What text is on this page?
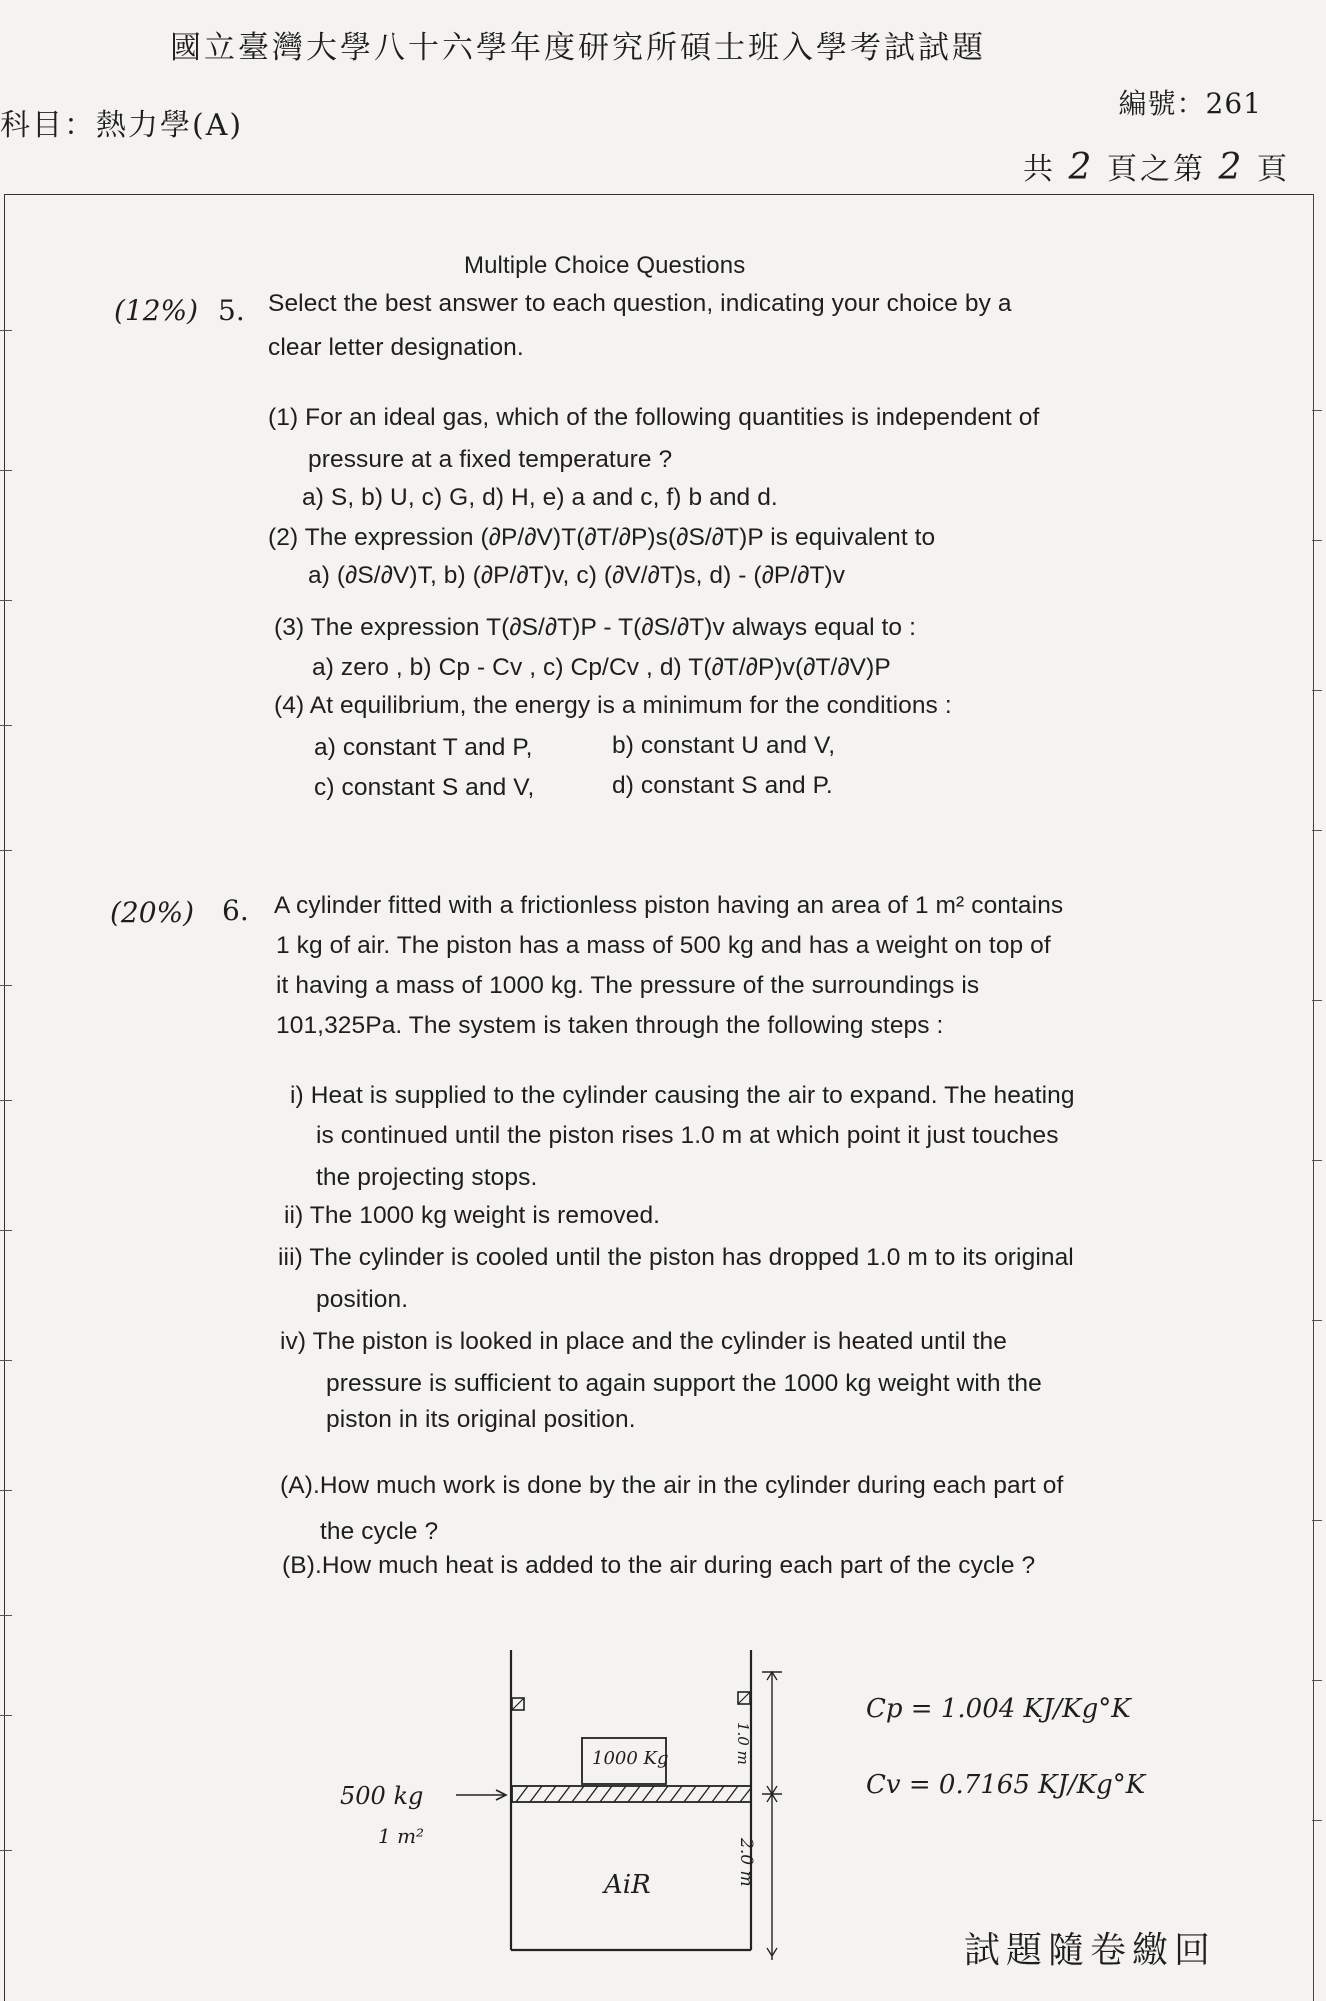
國立臺灣大學八十六學年度研究所碩士班入學考試試題
科目：熱力學(A)
編號：261
共 2 頁之第 2 頁
Multiple Choice Questions
(12%) 5. Select the best answer to each question, indicating your choice by a
clear letter designation.
(1) For an ideal gas, which of the following quantities is independent of
pressure at a fixed temperature ?
a) S, b) U, c) G, d) H, e) a and c, f) b and d.
(2) The expression (∂P/∂V)T(∂T/∂P)s(∂S/∂T)P is equivalent to
a) (∂S/∂V)T, b) (∂P/∂T)v, c) (∂V/∂T)s, d) - (∂P/∂T)v
(3) The expression T(∂S/∂T)P - T(∂S/∂T)v always equal to :
a) zero , b) Cp - Cv , c) Cp/Cv , d) T(∂T/∂P)v(∂T/∂V)P
(4) At equilibrium, the energy is a minimum for the conditions :
a) constant T and P,	b) constant U and V,
c) constant S and V,	d) constant S and P.
(20%) 6. A cylinder fitted with a frictionless piston having an area of 1 m² contains
1 kg of air. The piston has a mass of 500 kg and has a weight on top of
it having a mass of 1000 kg. The pressure of the surroundings is
101,325Pa. The system is taken through the following steps :
i) Heat is supplied to the cylinder causing the air to expand. The heating
is continued until the piston rises 1.0 m at which point it just touches
the projecting stops.
ii) The 1000 kg weight is removed.
iii) The cylinder is cooled until the piston has dropped 1.0 m to its original
position.
iv) The piston is looked in place and the cylinder is heated until the
pressure is sufficient to again support the 1000 kg weight with the
piston in its original position.
(A).How much work is done by the air in the cylinder during each part of
the cycle ?
(B).How much heat is added to the air during each part of the cycle ?
1000 Kg
500 kg
1 m²
AiR
1.0 m
2.0 m
Cp = 1.004 KJ/Kg°K
Cv = 0.7165 KJ/Kg°K
試題隨卷繳回
